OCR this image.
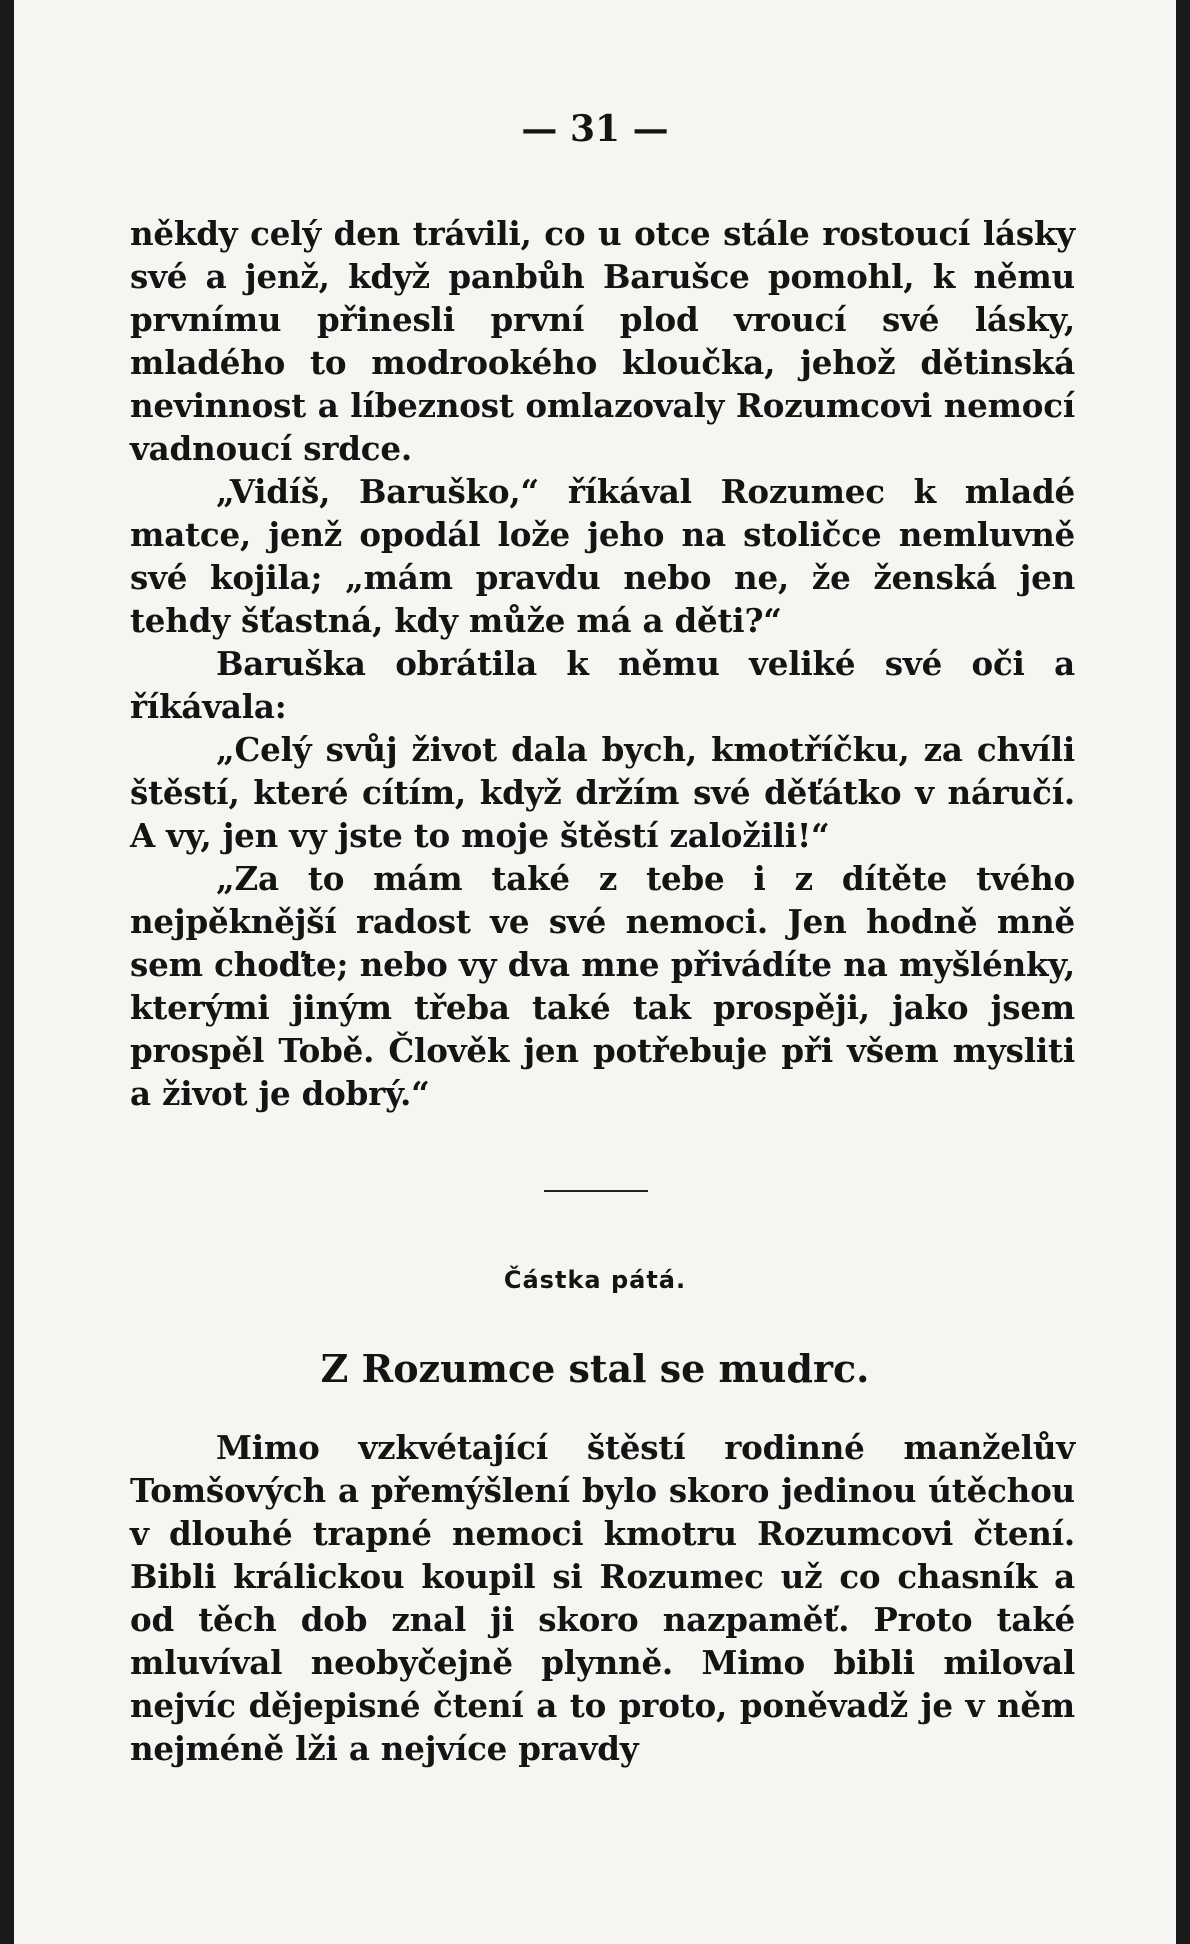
— 31 —

někdy celý den trávili, co u otce stále rostoucí lásky své a jenž, když panbůh Barušce pomohl, k němu prvnímu přinesli první plod vroucí své lásky, mladého to modrookého kloučka, jehož dětinská nevinnost a líbeznost omlazovaly Rozumcovi nemocí vadnoucí srdce.

„Vidíš, Baruško,“ říkával Rozumec k mladé matce, jenž opodál lože jeho na stoličce nemluvně své kojila; „mám pravdu nebo ne, že ženská jen tehdy šťastná, kdy může má a děti?“

Baruška obrátila k němu veliké své oči a říkávala:

„Celý svůj život dala bych, kmotříčku, za chvíli štěstí, které cítím, když držím své děťátko v náručí. A vy, jen vy jste to moje štěstí založili!“

„Za to mám také z tebe i z dítěte tvého nejpěknější radost ve své nemoci. Jen hodně mně sem choďte; nebo vy dva mne přivádíte na myšlénky, kterými jiným třeba také tak prospěji, jako jsem prospěl Tobě. Člověk jen potřebuje při všem mysliti a život je dobrý.“

Částka pátá.
Z Rozumce stal se mudrc.

Mimo vzkvétající štěstí rodinné manželův Tomšových a přemýšlení bylo skoro jedinou útěchou v dlouhé trapné nemoci kmotru Rozumcovi čtení. Bibli králickou koupil si Rozumec už co chasník a od těch dob znal ji skoro nazpaměť. Proto také mluvíval neobyčejně plynně. Mimo bibli miloval nejvíc dějepisné čtení a to proto, poněvadž je v něm nejméně lži a nejvíce pravdy
